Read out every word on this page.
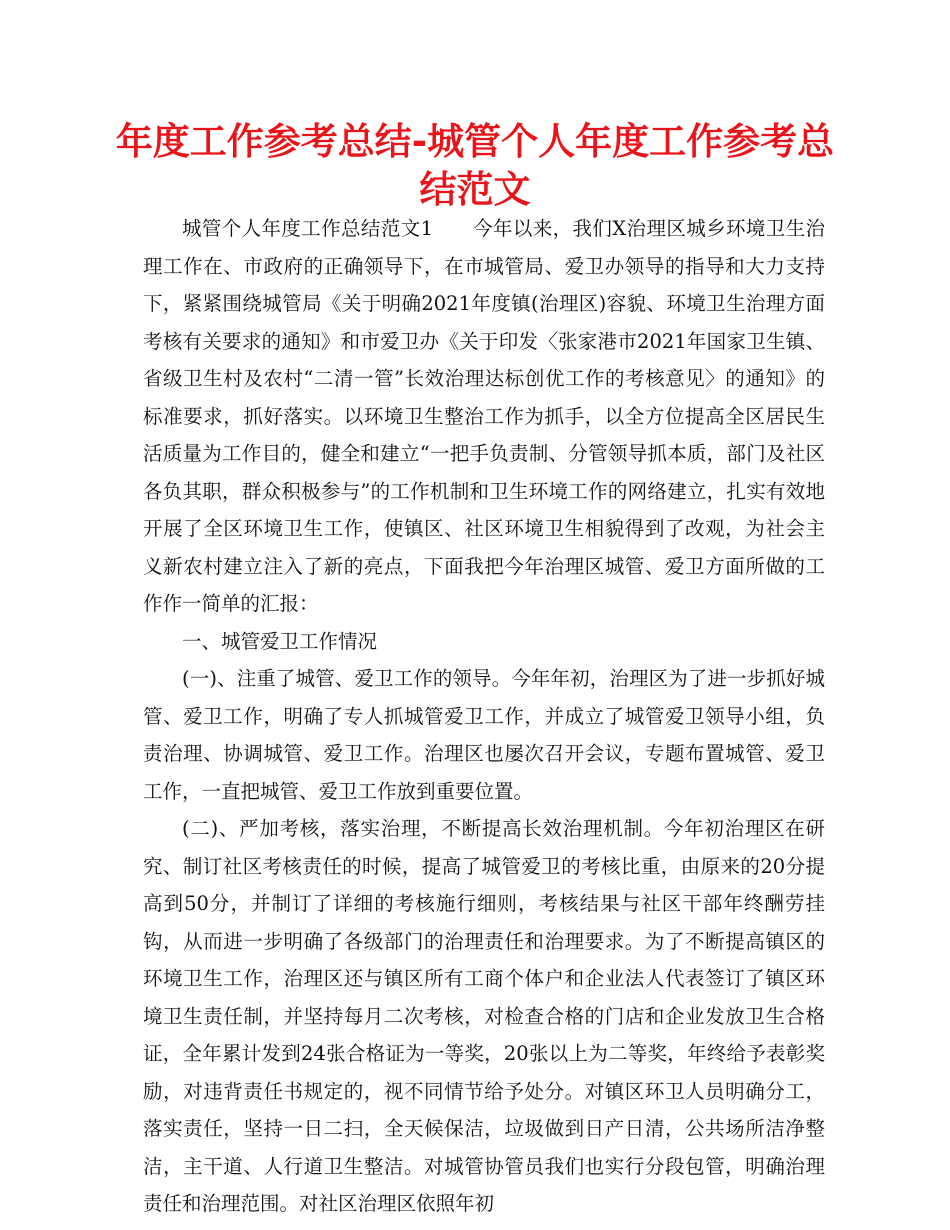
年度工作参考总结-城管个人年度工作参考总结范文

城管个人年度工作总结范文1　　今年以来，我们X治理区城乡环境卫生治理工作在、市政府的正确领导下，在市城管局、爱卫办领导的指导和大力支持下，紧紧围绕城管局《关于明确2021年度镇(治理区)容貌、环境卫生治理方面考核有关要求的通知》和市爱卫办《关于印发〈张家港市2021年国家卫生镇、省级卫生村及农村“二清一管”长效治理达标创优工作的考核意见〉的通知》的标准要求，抓好落实。以环境卫生整治工作为抓手，以全方位提高全区居民生活质量为工作目的，健全和建立“一把手负责制、分管领导抓本质，部门及社区各负其职，群众积极参与”的工作机制和卫生环境工作的网络建立，扎实有效地开展了全区环境卫生工作，使镇区、社区环境卫生相貌得到了改观，为社会主义新农村建立注入了新的亮点，下面我把今年治理区城管、爱卫方面所做的工作作一简单的汇报：

一、城管爱卫工作情况

(一)、注重了城管、爱卫工作的领导。今年年初，治理区为了进一步抓好城管、爱卫工作，明确了专人抓城管爱卫工作，并成立了城管爱卫领导小组，负责治理、协调城管、爱卫工作。治理区也屡次召开会议，专题布置城管、爱卫工作，一直把城管、爱卫工作放到重要位置。

(二)、严加考核，落实治理，不断提高长效治理机制。今年初治理区在研究、制订社区考核责任的时候，提高了城管爱卫的考核比重，由原来的20分提高到50分，并制订了详细的考核施行细则，考核结果与社区干部年终酬劳挂钩，从而进一步明确了各级部门的治理责任和治理要求。为了不断提高镇区的环境卫生工作，治理区还与镇区所有工商个体户和企业法人代表签订了镇区环境卫生责任制，并坚持每月二次考核，对检查合格的门店和企业发放卫生合格证，全年累计发到24张合格证为一等奖，20张以上为二等奖，年终给予表彰奖励，对违背责任书规定的，视不同情节给予处分。对镇区环卫人员明确分工，落实责任，坚持一日二扫，全天候保洁，垃圾做到日产日清，公共场所洁净整洁，主干道、人行道卫生整洁。对城管协管员我们也实行分段包管，明确治理责任和治理范围。对社区治理区依照年初
